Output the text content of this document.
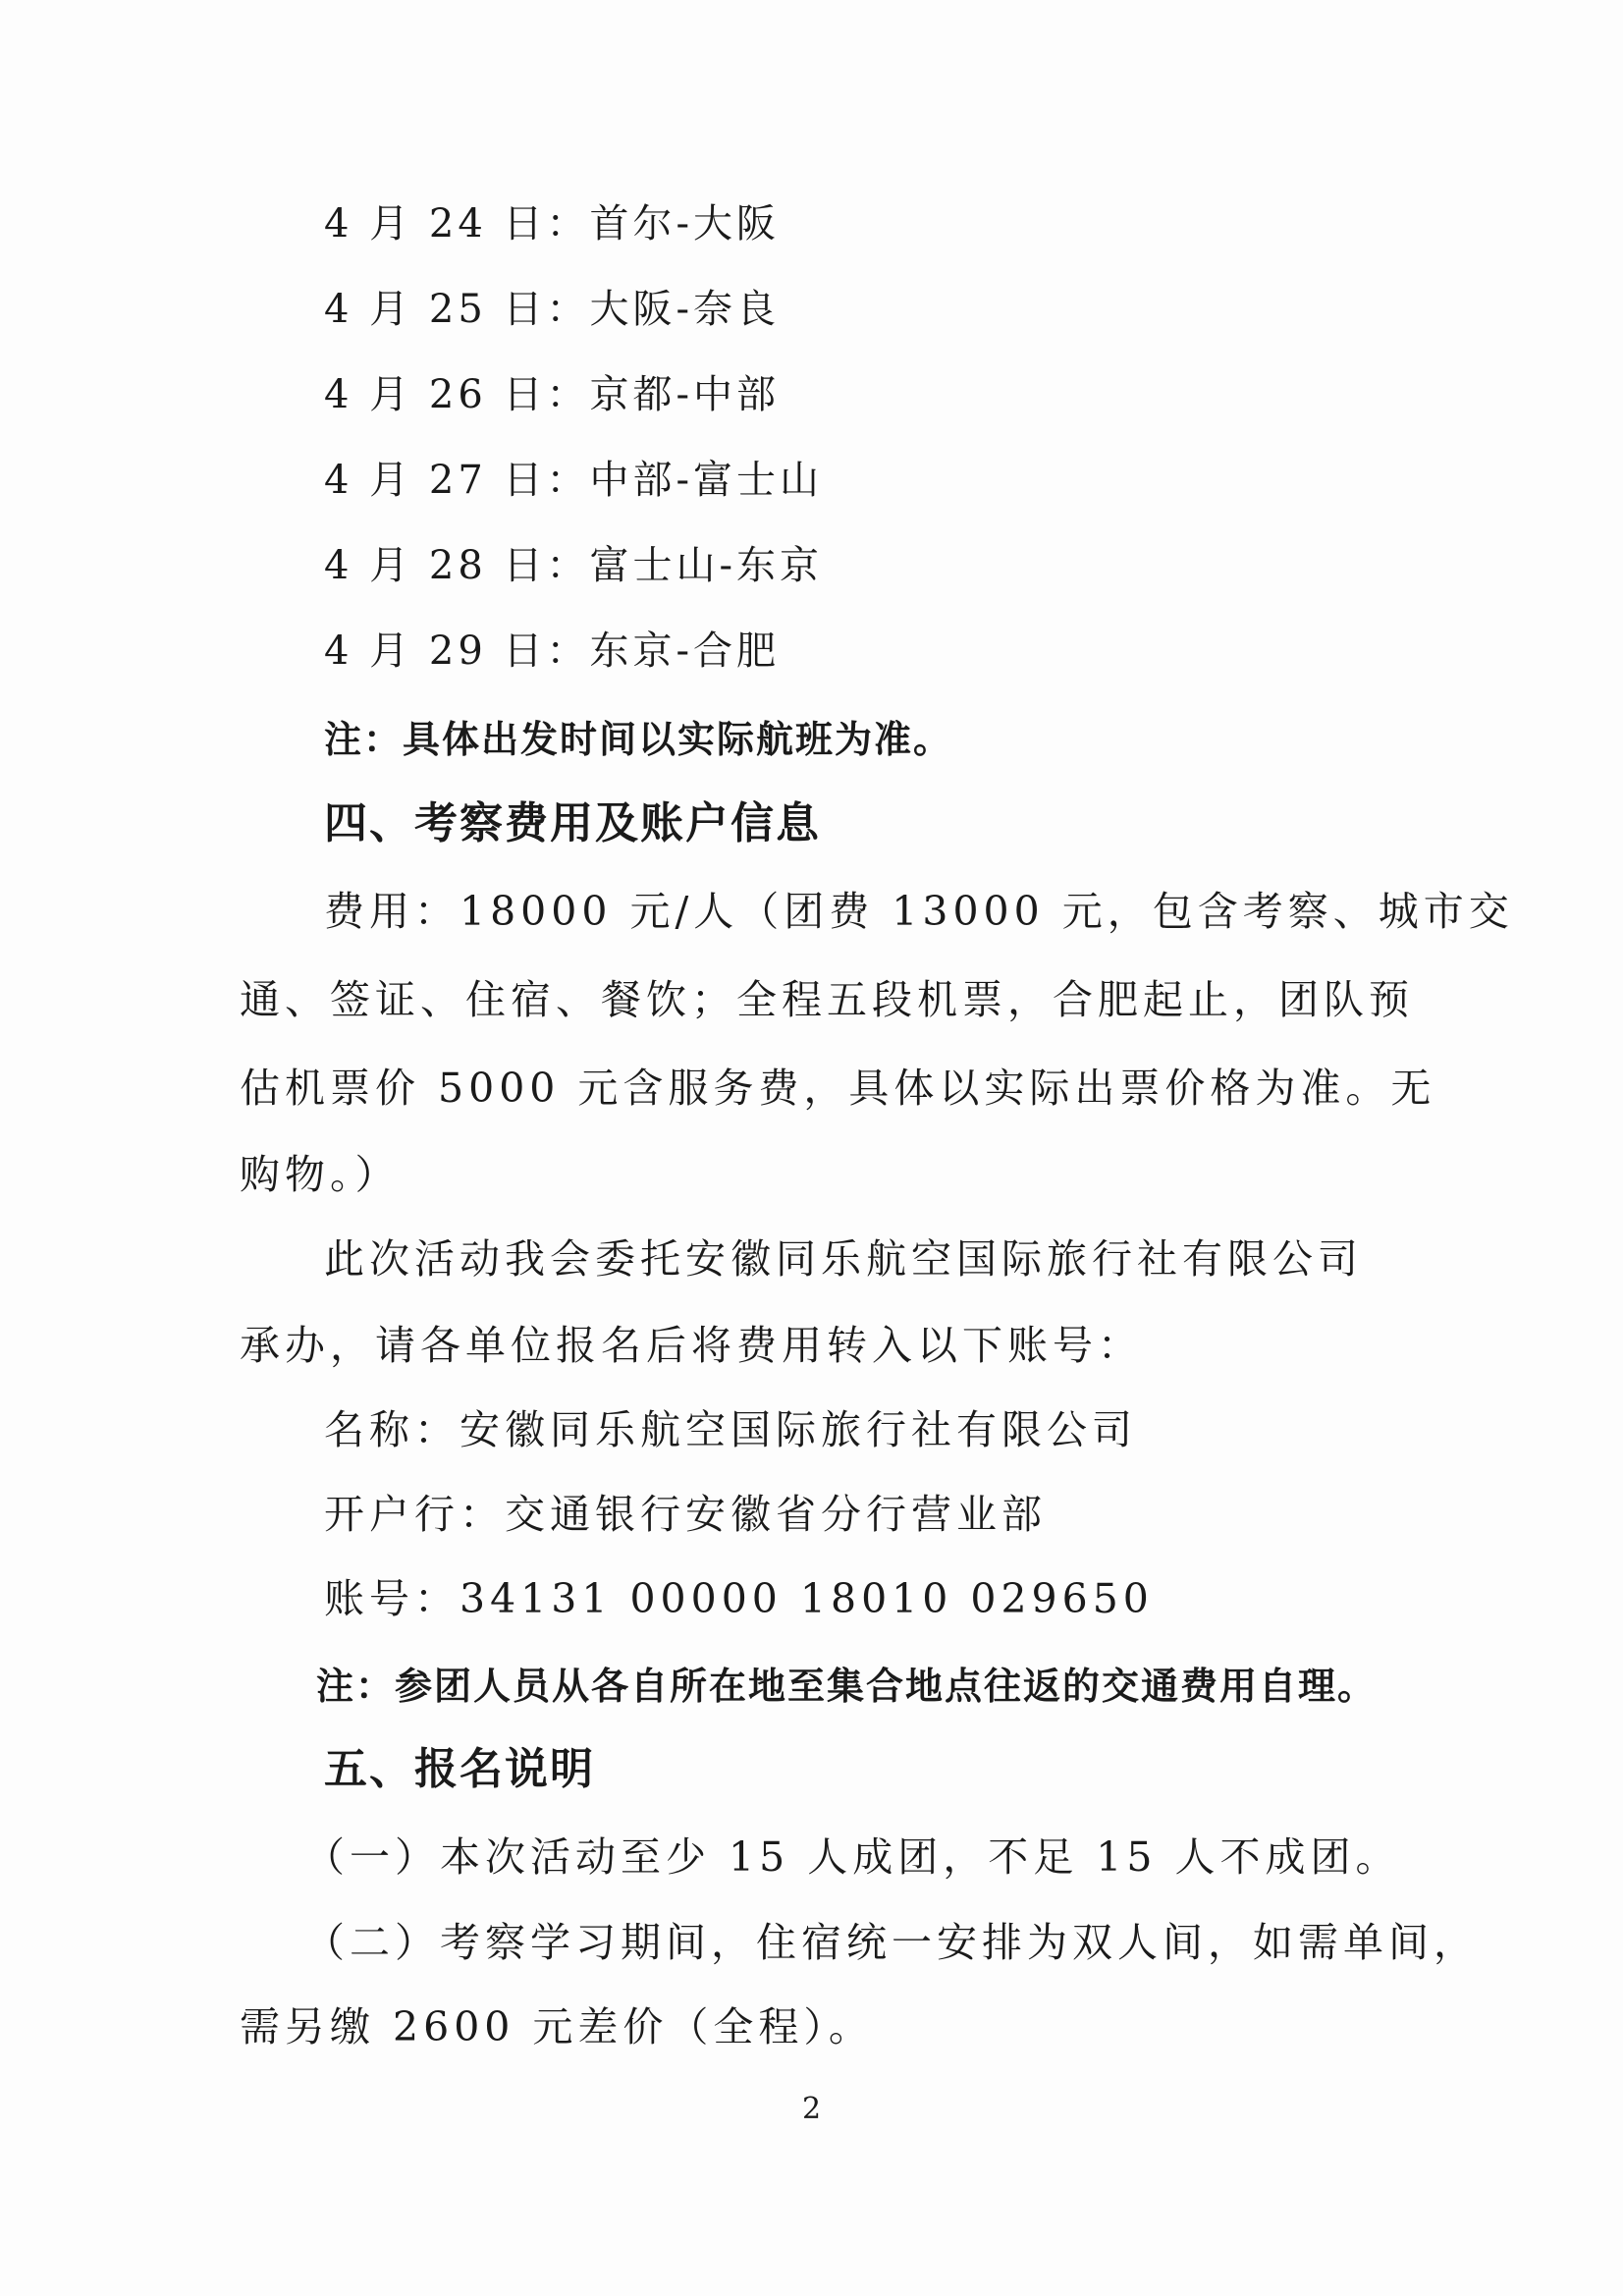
4 月 24 日：首尔-大阪
4 月 25 日：大阪-奈良
4 月 26 日：京都-中部
4 月 27 日：中部-富士山
4 月 28 日：富士山-东京
4 月 29 日：东京-合肥
注：具体出发时间以实际航班为准。
四、考察费用及账户信息
费用：18000 元/人（团费 13000 元，包含考察、城市交
通、签证、住宿、餐饮；全程五段机票，合肥起止，团队预
估机票价 5000 元含服务费，具体以实际出票价格为准。无
购物。）
此次活动我会委托安徽同乐航空国际旅行社有限公司
承办，请各单位报名后将费用转入以下账号：
名称：安徽同乐航空国际旅行社有限公司
开户行：交通银行安徽省分行营业部
账号：34131 00000 18010 029650
注：参团人员从各自所在地至集合地点往返的交通费用自理。
五、报名说明
（一）本次活动至少 15 人成团，不足 15 人不成团。
（二）考察学习期间，住宿统一安排为双人间，如需单间，
需另缴 2600 元差价（全程）。
2
